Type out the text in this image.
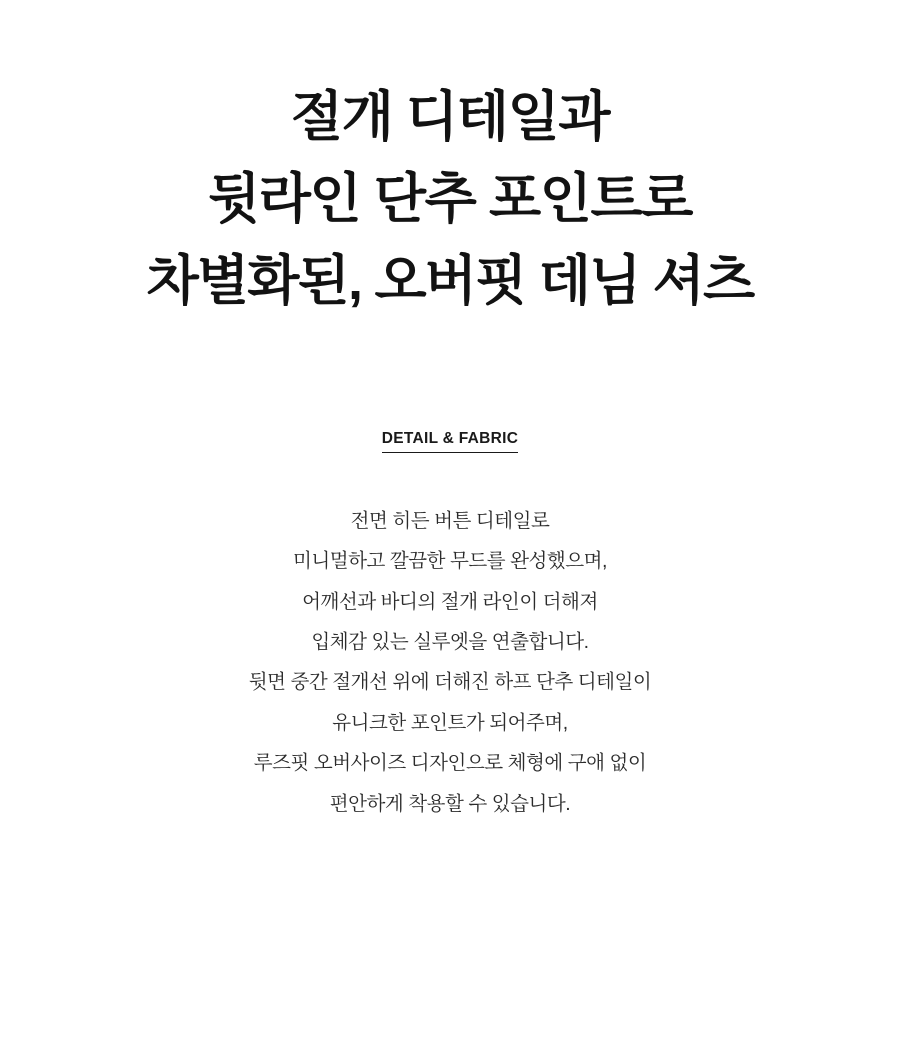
절개 디테일과
뒷라인 단추 포인트로
차별화된, 오버핏 데님 셔츠
DETAIL & FABRIC
전면 히든 버튼 디테일로
미니멀하고 깔끔한 무드를 완성했으며,
어깨선과 바디의 절개 라인이 더해져
입체감 있는 실루엣을 연출합니다.
뒷면 중간 절개선 위에 더해진 하프 단추 디테일이
유니크한 포인트가 되어주며,
루즈핏 오버사이즈 디자인으로 체형에 구애 없이
편안하게 착용할 수 있습니다.
